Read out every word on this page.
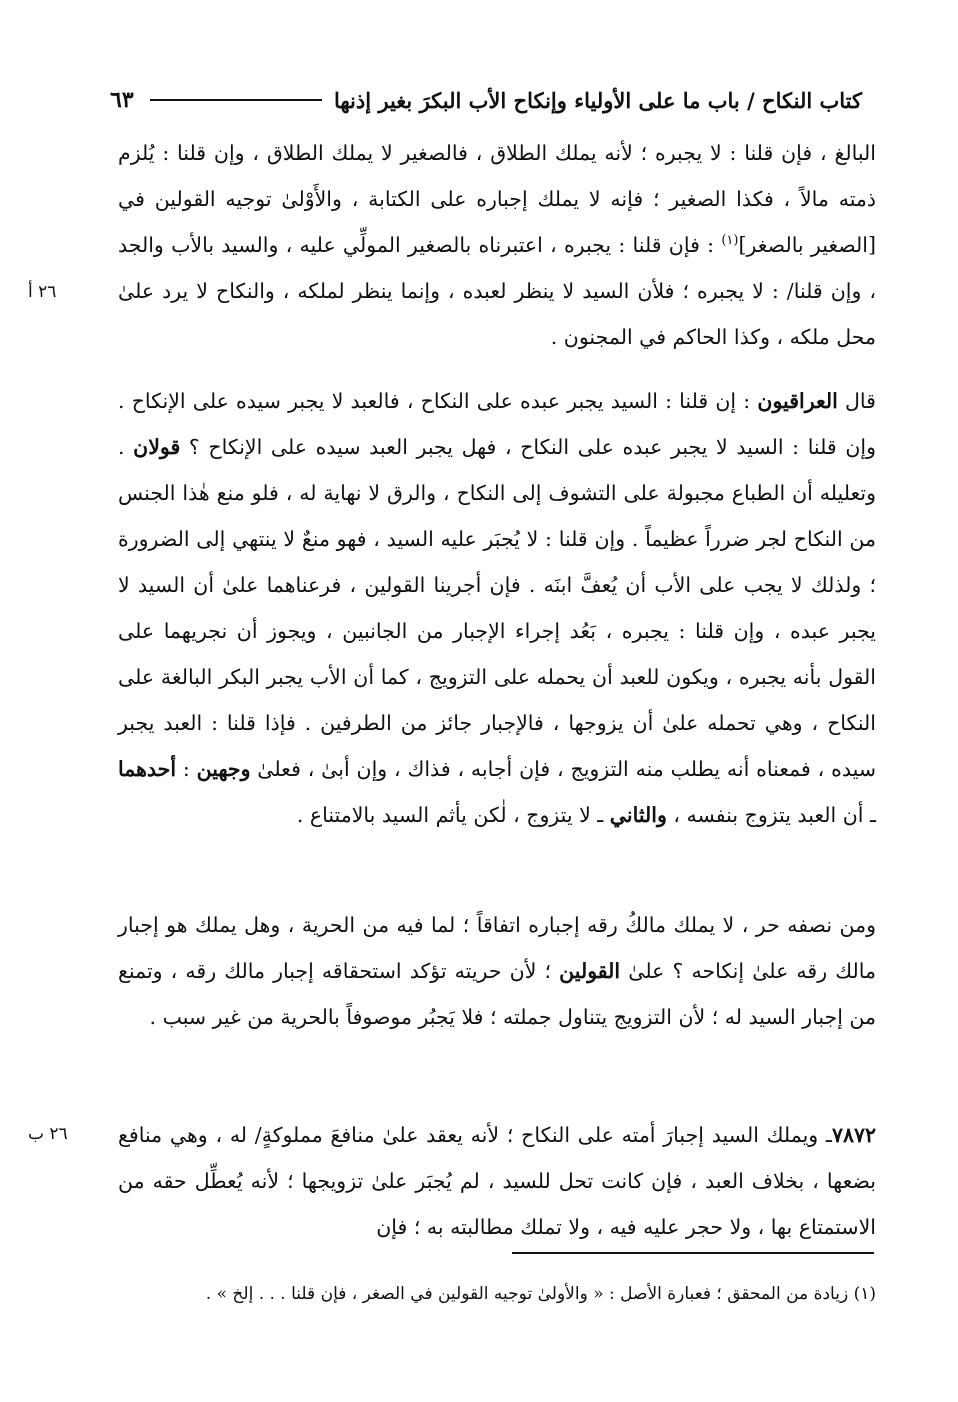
كتاب النكاح / باب ما على الأولياء وإنكاح الأب البكرَ بغير إذنها
٦٣

البالغ ، فإن قلنا : لا يجبره ؛ لأنه يملك الطلاق ، فالصغير لا يملك الطلاق ، وإن قلنا : يُلزم ذمته مالاً ، فكذا الصغير ؛ فإنه لا يملك إجباره على الكتابة ، والأَوْلىٰ توجيه القولين في [الصغير بالصغر]$^{(١)}$ : فإن قلنا : يجبره ، اعتبرناه بالصغير المولِّي عليه ، والسيد بالأب والجد ، وإن قلنا/ : لا يجبره ؛ فلأن السيد لا ينظر لعبده ، وإنما ينظر لملكه ، والنكاح لا يرد علىٰ محل ملكه ، وكذا الحاكم في المجنون .

٢٦ أ

قال العراقيون : إن قلنا : السيد يجبر عبده على النكاح ، فالعبد لا يجبر سيده على الإنكاح . وإن قلنا : السيد لا يجبر عبده على النكاح ، فهل يجبر العبد سيده على الإنكاح ؟ قولان . وتعليله أن الطباع مجبولة على التشوف إلى النكاح ، والرق لا نهاية له ، فلو منع هٰذا الجنس من النكاح لجر ضرراً عظيماً . وإن قلنا : لا يُجبَر عليه السيد ، فهو منعٌ لا ينتهي إلى الضرورة ؛ ولذلك لا يجب على الأب أن يُعفَّ ابنَه . فإن أجرينا القولين ، فرعناهما علىٰ أن السيد لا يجبر عبده ، وإن قلنا : يجبره ، بَعُد إجراء الإجبار من الجانبين ، ويجوز أن نجريهما على القول بأنه يجبره ، ويكون للعبد أن يحمله على التزويج ، كما أن الأب يجبر البكر البالغة على النكاح ، وهي تحمله علىٰ أن يزوجها ، فالإجبار جائز من الطرفين . فإذا قلنا : العبد يجبر سيده ، فمعناه أنه يطلب منه التزويج ، فإن أجابه ، فذاك ، وإن أبىٰ ، فعلىٰ وجهين : أحدهما ـ أن العبد يتزوج بنفسه ، والثاني ـ لا يتزوج ، لٰكن يأثم السيد بالامتناع .

ومن نصفه حر ، لا يملك مالكُ رقه إجباره اتفاقاً ؛ لما فيه من الحرية ، وهل يملك هو إجبار مالك رقه علىٰ إنكاحه ؟ علىٰ القولين ؛ لأن حريته تؤكد استحقاقه إجبار مالك رقه ، وتمنع من إجبار السيد له ؛ لأن التزويج يتناول جملته ؛ فلا يَجبُر موصوفاً بالحرية من غير سبب .

٧٨٧٢ـ ويملك السيد إجبارَ أمته على النكاح ؛ لأنه يعقد علىٰ منافعَ مملوكةٍ/ له ، وهي منافع بضعها ، بخلاف العبد ، فإن كانت تحل للسيد ، لم يُجبَر علىٰ تزويجها ؛ لأنه يُعطِّل حقه من الاستمتاع بها ، ولا حجر عليه فيه ، ولا تملك مطالبته به ؛ فإن

٢٦ ب

(١) زيادة من المحقق ؛ فعبارة الأصل : « والأولىٰ توجيه القولين في الصغر ، فإن قلنا . . . إلخ » .
